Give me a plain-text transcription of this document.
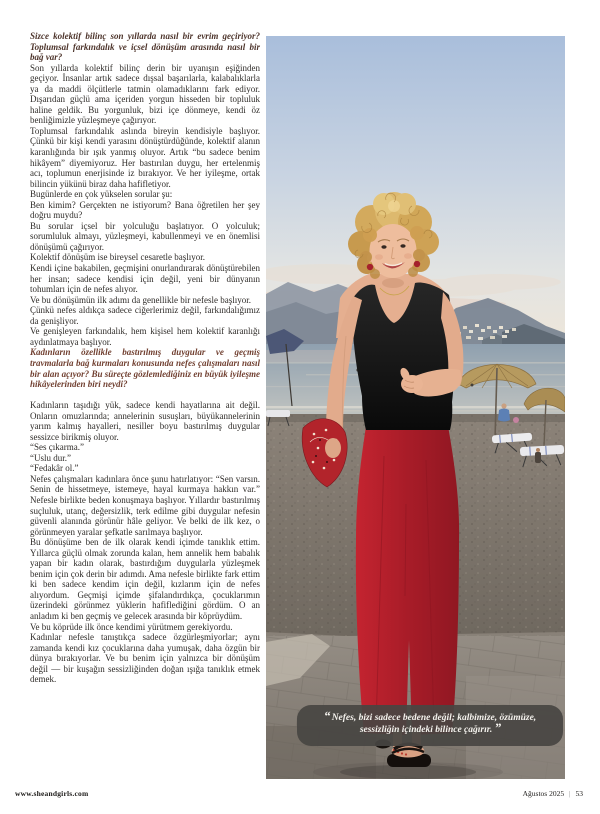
Sizce kolektif bilinç son yıllarda nasıl bir evrim geçiriyor? Toplumsal farkındalık ve içsel dönüşüm arasında nasıl bir bağ var?

Son yıllarda kolektif bilinç derin bir uyanışın eşiğinden geçiyor. İnsanlar artık sadece dışsal başarılarla, kalabalıklarla ya da maddi ölçütlerle tatmin olamadıklarını fark ediyor. Dışarıdan güçlü ama içeriden yorgun hisseden bir topluluk haline geldik. Bu yorgunluk, bizi içe dönmeye, kendi öz benliğimizle yüzleşmeye çağırıyor.

Toplumsal farkındalık aslında bireyin kendisiyle başlıyor. Çünkü bir kişi kendi yarasını dönüştürdüğünde, kolektif alanın karanlığında bir ışık yanmış oluyor. Artık “bu sadece benim hikâyem” diyemiyoruz. Her bastırılan duygu, her ertelenmiş acı, toplumun enerjisinde iz bırakıyor. Ve her iyileşme, ortak bilincin yükünü biraz daha hafifletiyor.

Bugünlerde en çok yükselen sorular şu:

Ben kimim? Gerçekten ne istiyorum? Bana öğretilen her şey doğru muydu?

Bu sorular içsel bir yolculuğu başlatıyor. O yolculuk; sorumluluk almayı, yüzleşmeyi, kabullenmeyi ve en önemlisi dönüşümü çağırıyor.

Kolektif dönüşüm ise bireysel cesaretle başlıyor.

Kendi içine bakabilen, geçmişini onurlandırarak dönüştürebilen her insan; sadece kendisi için değil, yeni bir dünyanın tohumları için de nefes alıyor.

Ve bu dönüşümün ilk adımı da genellikle bir nefesle başlıyor.

Çünkü nefes aldıkça sadece ciğerlerimiz değil, farkındalığımız da genişliyor.

Ve genişleyen farkındalık, hem kişisel hem kolektif karanlığı aydınlatmaya başlıyor.

Kadınların özellikle bastırılmış duygular ve geçmiş travmalarla bağ kurmaları konusunda nefes çalışmaları nasıl bir alan açıyor? Bu süreçte gözlemlediğiniz en büyük iyileşme hikâyelerinden biri neydi?

Kadınların taşıdığı yük, sadece kendi hayatlarına ait değil. Onların omuzlarında; annelerinin susuşları, büyükannelerinin yarım kalmış hayalleri, nesiller boyu bastırılmış duygular sessizce birikmiş oluyor.

“Ses çıkarma.”

“Uslu dur.”

“Fedakâr ol.”

Nefes çalışmaları kadınlara önce şunu hatırlatıyor: “Sen varsın. Senin de hissetmeye, istemeye, hayal kurmaya hakkın var.” Nefesle birlikte beden konuşmaya başlıyor. Yıllardır bastırılmış suçluluk, utanç, değersizlik, terk edilme gibi duygular nefesin güvenli alanında görünür hâle geliyor. Ve belki de ilk kez, o görünmeyen yaralar şefkatle sarılmaya başlıyor.

Bu dönüşüme ben de ilk olarak kendi içimde tanıklık ettim. Yıllarca güçlü olmak zorunda kalan, hem annelik hem babalık yapan bir kadın olarak, bastırdığım duygularla yüzleşmek benim için çok derin bir adımdı. Ama nefesle birlikte fark ettim ki ben sadece kendim için değil, kızlarım için de nefes alıyordum. Geçmişi içimde şifalandırdıkça, çocuklarımın üzerindeki görünmez yüklerin hafiflediğini gördüm. O an anladım ki ben geçmiş ve gelecek arasında bir köprüydüm.

Ve bu köprüde ilk önce kendimi yürütmem gerekiyordu.

Kadınlar nefesle tanıştıkça sadece özgürleşmiyorlar; aynı zamanda kendi kız çocuklarına daha yumuşak, daha özgün bir dünya bırakıyorlar. Ve bu benim için yalnızca bir dönüşüm değil — bir kuşağın sessizliğinden doğan ışığa tanıklık etmek demek.

“ Nefes, bizi sadece bedene değil; kalbimize, özümüze, sessizliğin içindeki bilince çağırır. ”
www.sheandgirls.com	Ağustos 2025 | 53
